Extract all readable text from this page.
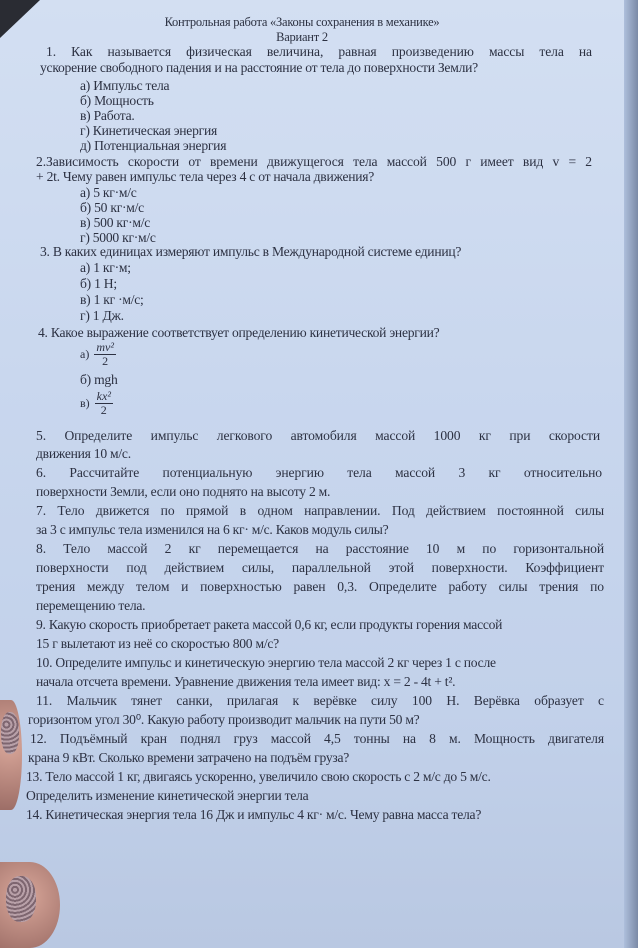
Контрольная работа «Законы сохранения в механике»
Вариант 2
1. Как называется физическая величина, равная произведению массы тела на
ускорение свободного падения и на расстояние от тела до поверхности Земли?
а) Импульс тела
б) Мощность
в) Работа.
г) Кинетическая энергия
д) Потенциальная энергия
2.Зависимость скорости от времени движущегося тела массой 500 г имеет вид v = 2
+ 2t. Чему равен импульс тела через 4 с от начала движения?
а) 5 кг·м/с
б) 50 кг·м/с
в) 500 кг·м/с
г) 5000 кг·м/с
3. В каких единицах измеряют импульс в Международной системе единиц?
а) 1 кг·м;
б) 1 Н;
в) 1 кг ·м/с;
г) 1 Дж.
4. Какое выражение соответствует определению кинетической энергии?
$а) \frac{\text{mv²}}{2}$
б) mgh
$в) \frac{\text{kx²}}{2}$
5. Определите импульс легкового автомобиля массой 1000 кг при скорости
движения 10 м/с.
6. Рассчитайте потенциальную энергию тела массой 3 кг относительно
поверхности Земли, если оно поднято на высоту 2 м.
7. Тело движется по прямой в одном направлении. Под действием постоянной силы
за 3 с импульс тела изменился на 6 кг· м/с. Каков модуль силы?
8. Тело массой 2 кг перемещается на расстояние 10 м по горизонтальной
поверхности под действием силы, параллельной этой поверхности. Коэффициент
трения между телом и поверхностью равен 0,3. Определите работу силы трения по
перемещению тела.
9. Какую скорость приобретает ракета массой 0,6 кг, если продукты горения массой
15 г вылетают из неё со скоростью 800 м/с?
10. Определите импульс и кинетическую энергию тела массой 2 кг через 1 с после
начала отсчета времени. Уравнение движения тела имеет вид: x = 2 - 4t + t².
11. Мальчик тянет санки, прилагая к верёвке силу 100 Н. Верёвка образует с
горизонтом угол 30⁰. Какую работу производит мальчик на пути 50 м?
12. Подъёмный кран поднял груз массой 4,5 тонны на 8 м. Мощность двигателя
крана 9 кВт. Сколько времени затрачено на подъём груза?
13. Тело массой 1 кг, двигаясь ускоренно, увеличило свою скорость с 2 м/с до 5 м/с.
Определить изменение кинетической энергии тела
14. Кинетическая энергия тела 16 Дж и импульс 4 кг· м/с. Чему равна масса тела?
